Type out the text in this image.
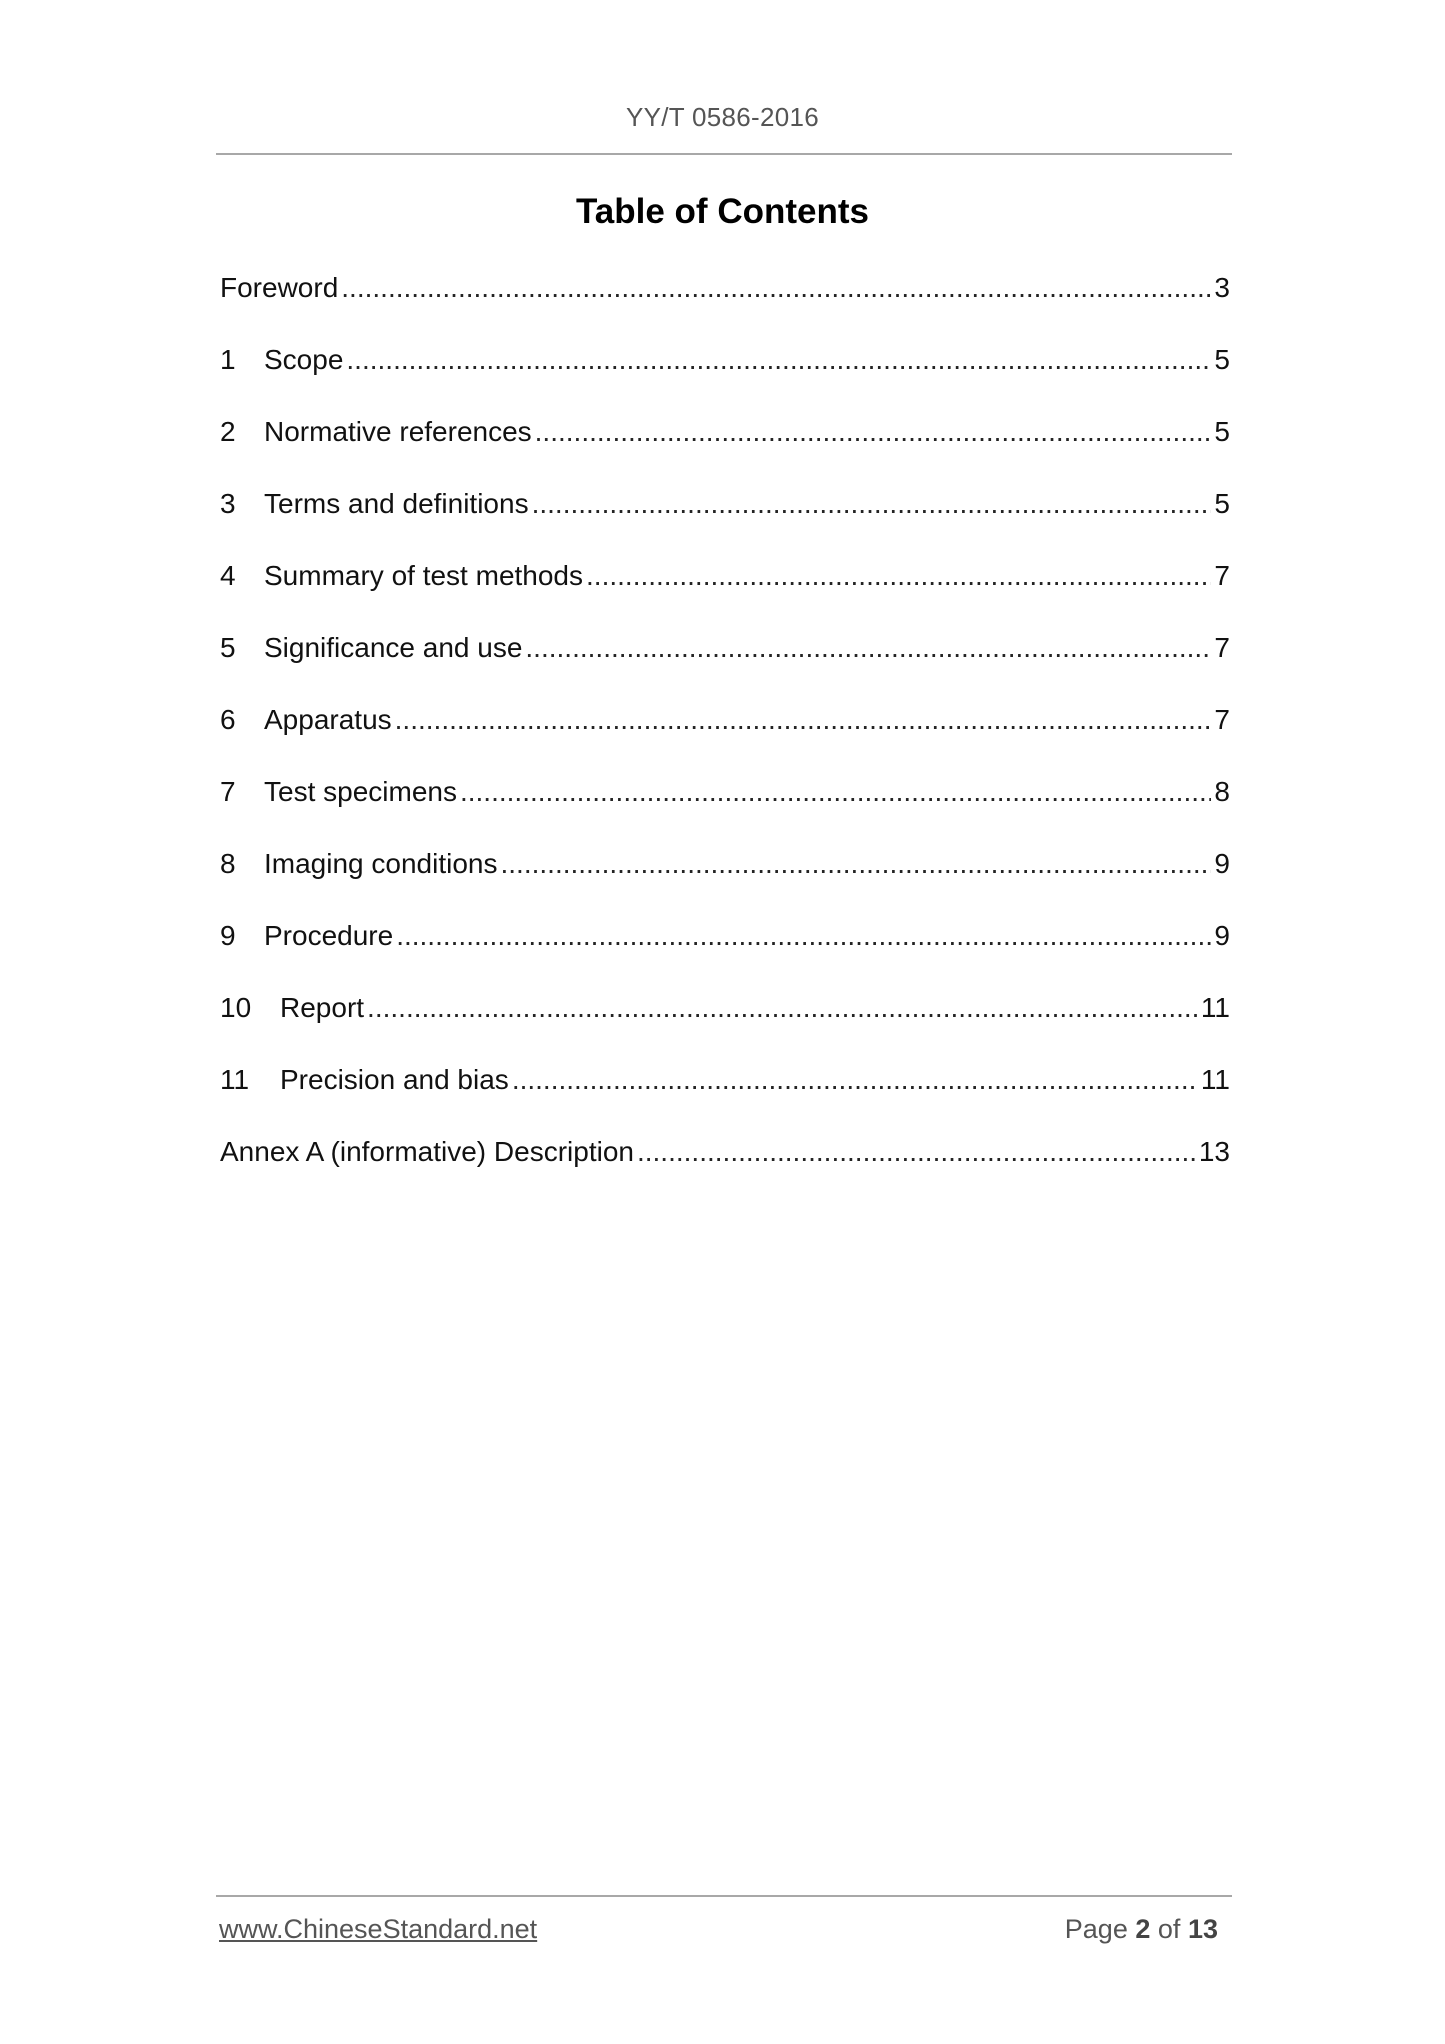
YY/T 0586-2016
Table of Contents
Foreword .....	3
1	Scope .....	5
2	Normative references .....	5
3	Terms and definitions .....	5
4	Summary of test methods .....	7
5	Significance and use .....	7
6	Apparatus .....	7
7	Test specimens .....	8
8	Imaging conditions .....	9
9	Procedure .....	9
10	Report .....	11
11	Precision and bias .....	11
Annex A (informative) Description .....	13
www.ChineseStandard.net	Page 2 of 13
